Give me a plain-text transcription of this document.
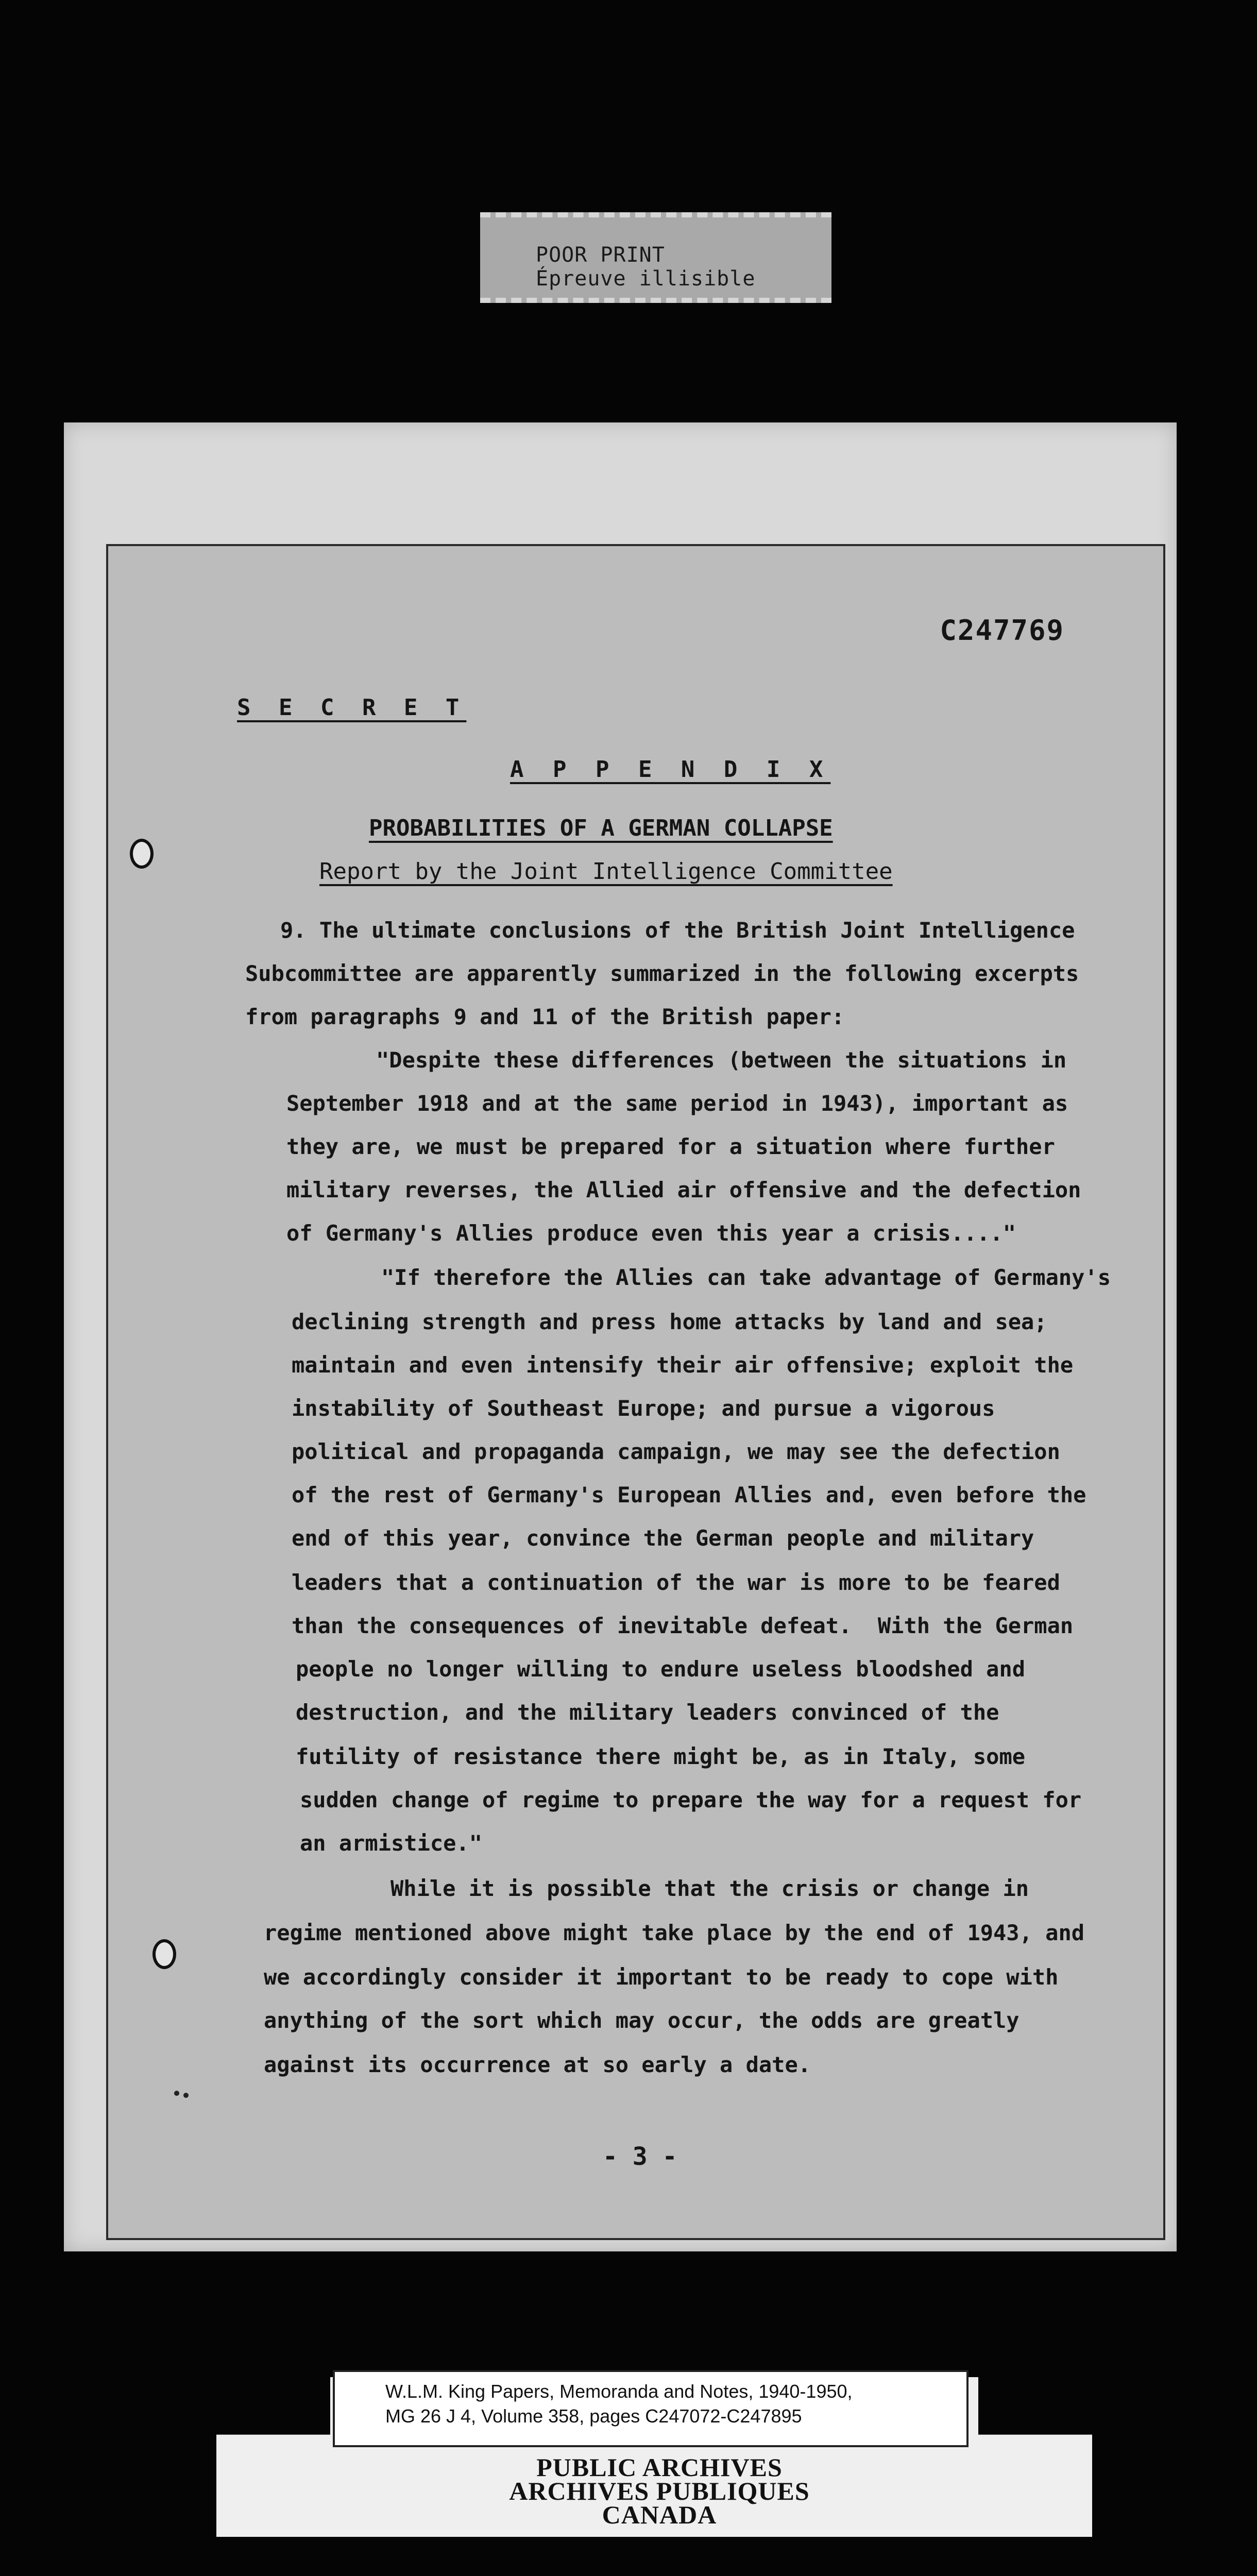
POOR PRINT
Épreuve illisible
C247769
S E C R E T
A P P E N D I X
PROBABILITIES OF A GERMAN COLLAPSE
Report by the Joint Intelligence Committee
9. The ultimate conclusions of the British Joint Intelligence
Subcommittee are apparently summarized in the following excerpts
from paragraphs 9 and 11 of the British paper:
"Despite these differences (between the situations in
September 1918 and at the same period in 1943), important as
they are, we must be prepared for a situation where further
military reverses, the Allied air offensive and the defection
of Germany's Allies produce even this year a crisis...."
"If therefore the Allies can take advantage of Germany's
declining strength and press home attacks by land and sea;
maintain and even intensify their air offensive; exploit the
instability of Southeast Europe; and pursue a vigorous
political and propaganda campaign, we may see the defection
of the rest of Germany's European Allies and, even before the
end of this year, convince the German people and military
leaders that a continuation of the war is more to be feared
than the consequences of inevitable defeat.  With the German
people no longer willing to endure useless bloodshed and
destruction, and the military leaders convinced of the
futility of resistance there might be, as in Italy, some
sudden change of regime to prepare the way for a request for
an armistice."
While it is possible that the crisis or change in
regime mentioned above might take place by the end of 1943, and
we accordingly consider it important to be ready to cope with
anything of the sort which may occur, the odds are greatly
against its occurrence at so early a date.
- 3 -
W.L.M. King Papers, Memoranda and Notes, 1940-1950,
MG 26 J 4, Volume 358, pages C247072-C247895
PUBLIC ARCHIVES
ARCHIVES PUBLIQUES
CANADA
